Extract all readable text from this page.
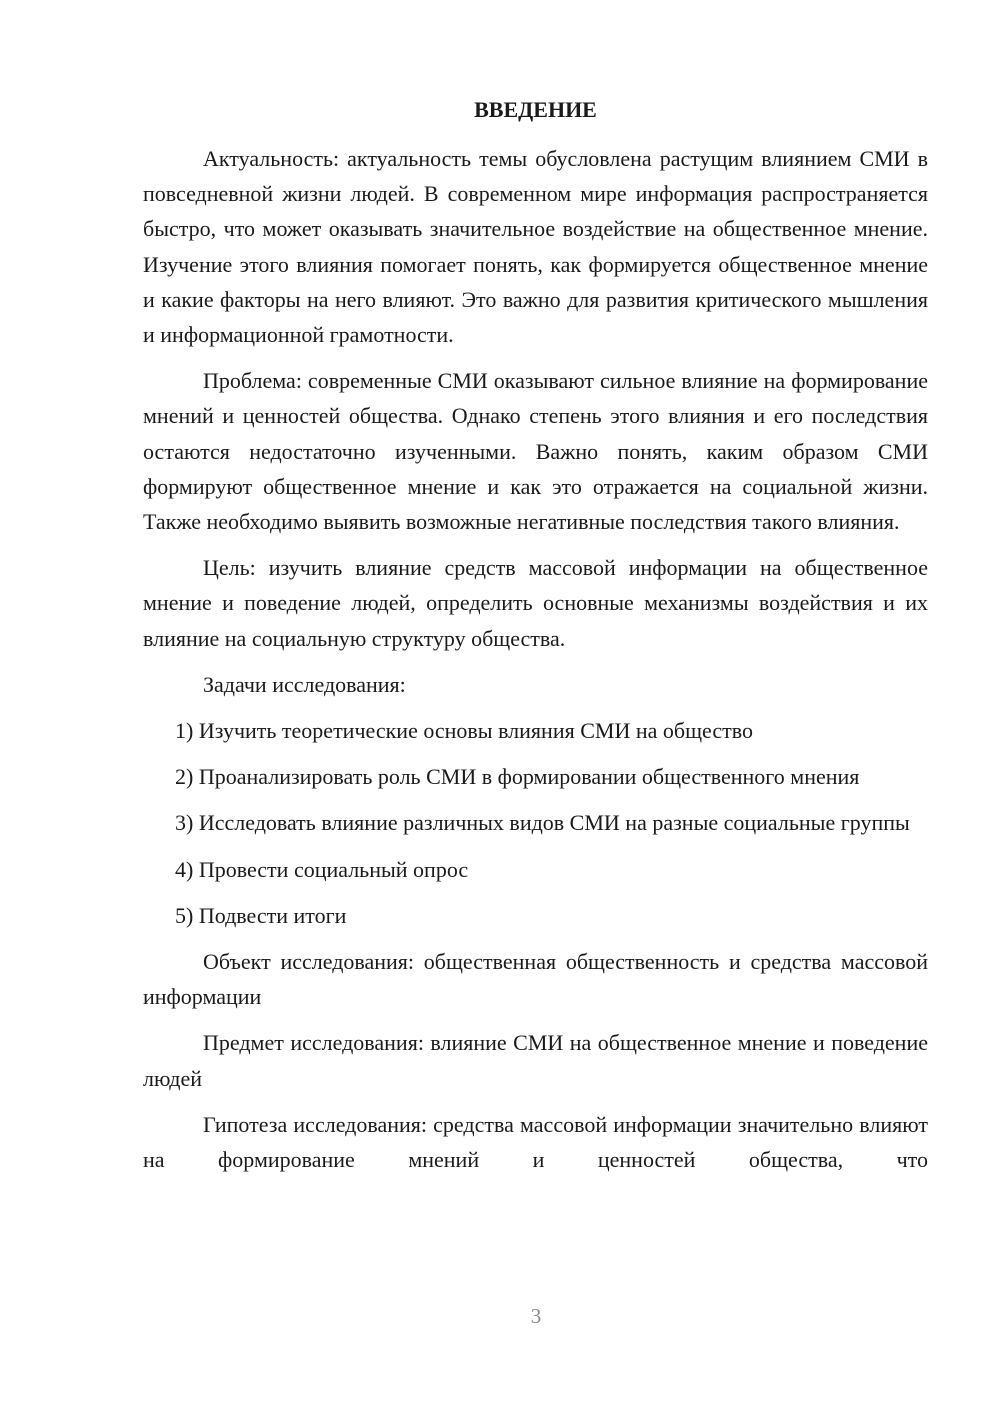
ВВЕДЕНИЕ

Актуальность: актуальность темы обусловлена растущим влиянием СМИ в повседневной жизни людей. В современном мире информация распространяется быстро, что может оказывать значительное воздействие на общественное мнение. Изучение этого влияния помогает понять, как формируется общественное мнение и какие факторы на него влияют. Это важно для развития критического мышления и информационной грамотности.

Проблема: современные СМИ оказывают сильное влияние на формирование мнений и ценностей общества. Однако степень этого влияния и его последствия остаются недостаточно изученными. Важно понять, каким образом СМИ формируют общественное мнение и как это отражается на социальной жизни. Также необходимо выявить возможные негативные последствия такого влияния.

Цель: изучить влияние средств массовой информации на общественное мнение и поведение людей, определить основные механизмы воздействия и их влияние на социальную структуру общества.

Задачи исследования:

1) Изучить теоретические основы влияния СМИ на общество

2) Проанализировать роль СМИ в формировании общественного мнения

3) Исследовать влияние различных видов СМИ на разные социальные группы

4) Провести социальный опрос

5) Подвести итоги

Объект исследования: общественная общественность и средства массовой информации

Предмет исследования: влияние СМИ на общественное мнение и поведение людей

Гипотеза исследования: средства массовой информации значительно влияют на формирование мнений и ценностей общества, что

3
